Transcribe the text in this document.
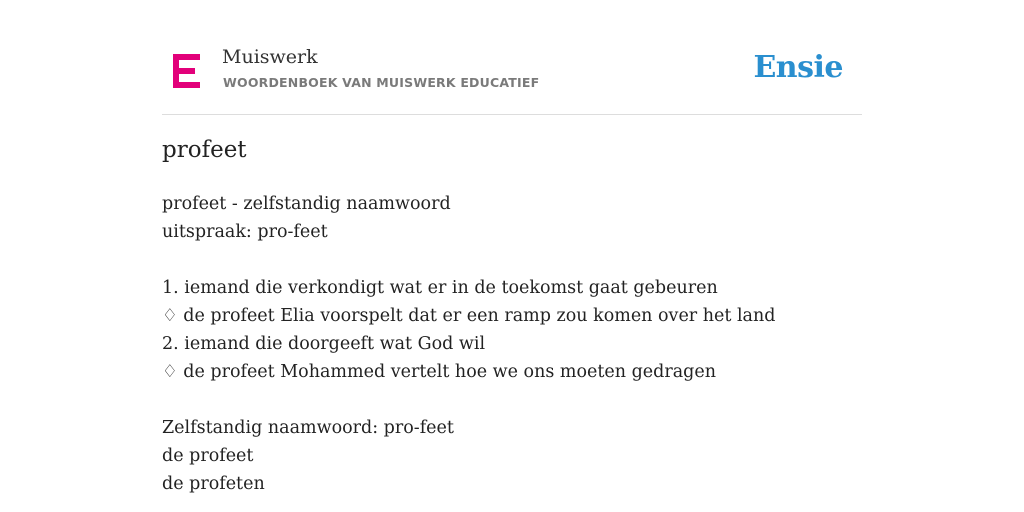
Muiswerk
WOORDENBOEK VAN MUISWERK EDUCATIEF	Ensie
profeet
profeet - zelfstandig naamwoord
uitspraak: pro-feet
1. iemand die verkondigt wat er in de toekomst gaat gebeuren
♢ de profeet Elia voorspelt dat er een ramp zou komen over het land
2. iemand die doorgeeft wat God wil
♢ de profeet Mohammed vertelt hoe we ons moeten gedragen
Zelfstandig naamwoord: pro-feet
de profeet
de profeten
